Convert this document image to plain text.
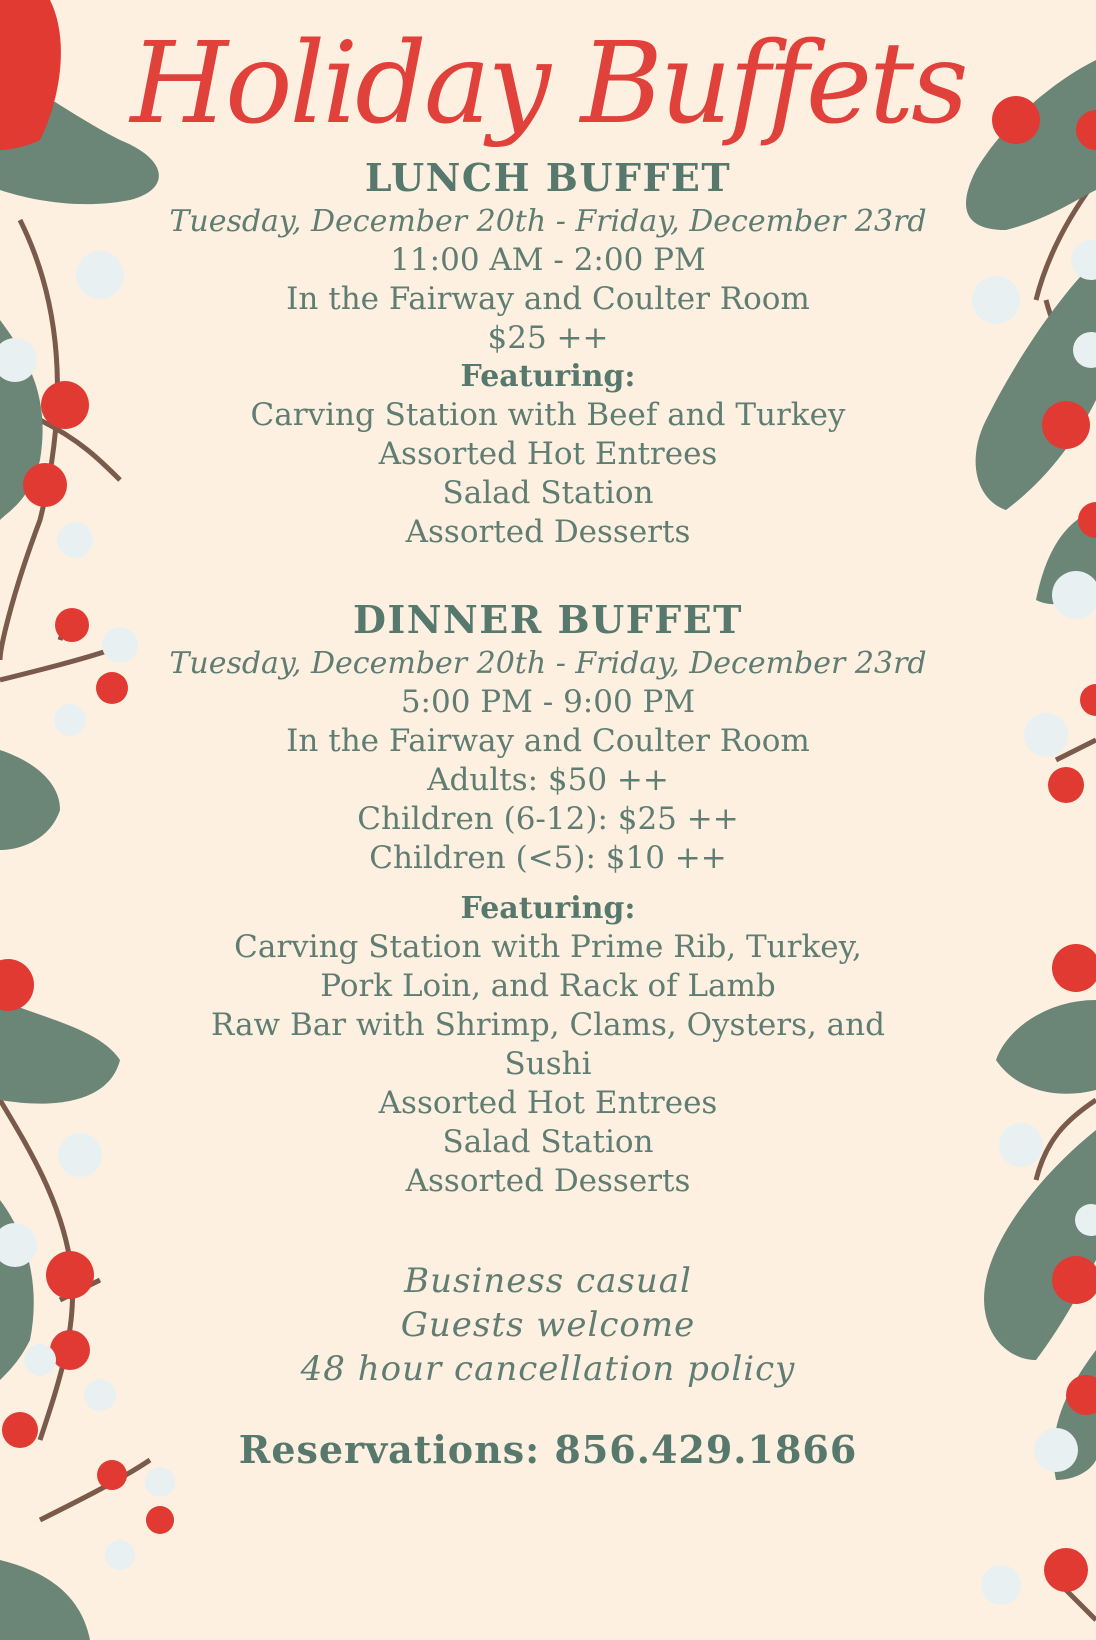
Holiday Buffets
LUNCH BUFFET
Tuesday, December 20th - Friday, December 23rd
11:00 AM - 2:00 PM
In the Fairway and Coulter Room
$25 ++
Featuring:
Carving Station with Beef and Turkey
Assorted Hot Entrees
Salad Station
Assorted Desserts
DINNER BUFFET
Tuesday, December 20th - Friday, December 23rd
5:00 PM - 9:00 PM
In the Fairway and Coulter Room
Adults: $50 ++
Children (6-12): $25 ++
Children (<5): $10 ++
Featuring:
Carving Station with Prime Rib, Turkey,
Pork Loin, and Rack of Lamb
Raw Bar with Shrimp, Clams, Oysters, and
Sushi
Assorted Hot Entrees
Salad Station
Assorted Desserts
Business casual
Guests welcome
48 hour cancellation policy
Reservations: 856.429.1866
